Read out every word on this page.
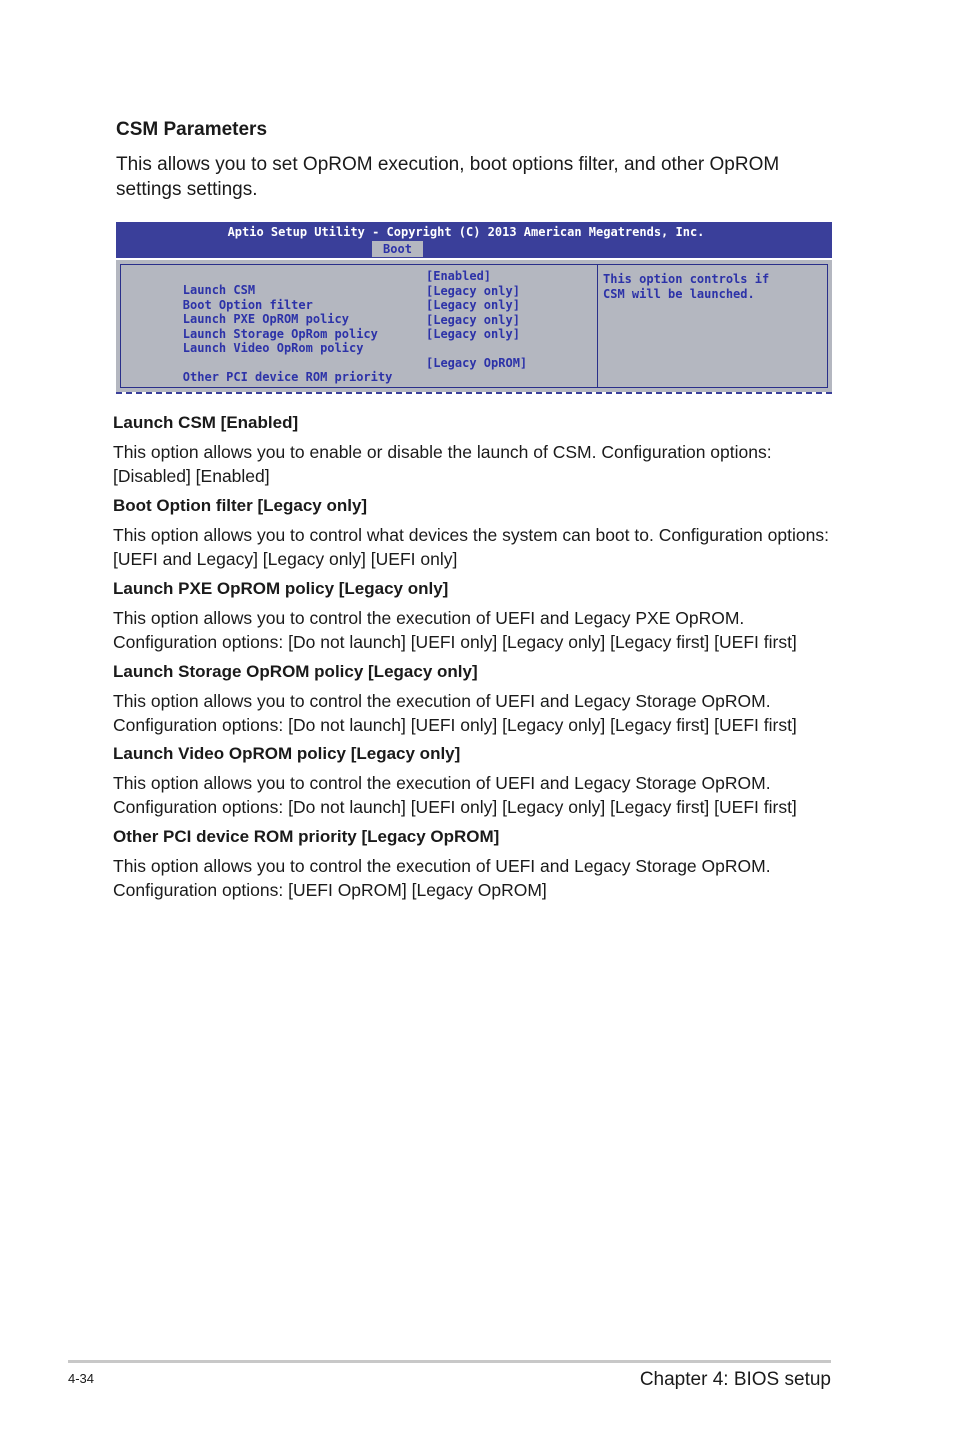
CSM Parameters
This allows you to set OpROM execution, boot options filter, and other OpROM settings settings.
Aptio Setup Utility - Copyright (C) 2013 American Megatrends, Inc.
Boot

Launch CSM

[Enabled]

Boot Option filter

[Legacy only]

Launch PXE OpROM policy

[Legacy only]

Launch Storage OpRom policy

[Legacy only]

Launch Video OpRom policy

[Legacy only]

Other PCI device ROM priority

[Legacy OpROM]
This option controls if
CSM will be launched.
Launch CSM [Enabled]
This option allows you to enable or disable the launch of CSM. Configuration options:
[Disabled] [Enabled]
Boot Option filter [Legacy only]
This option allows you to control what devices the system can boot to. Configuration options:
[UEFI and Legacy] [Legacy only] [UEFI only]
Launch PXE OpROM policy [Legacy only]
This option allows you to control the execution of UEFI and Legacy PXE OpROM.
Configuration options: [Do not launch] [UEFI only] [Legacy only] [Legacy first] [UEFI first]
Launch Storage OpROM policy [Legacy only]
This option allows you to control the execution of UEFI and Legacy Storage OpROM.
Configuration options: [Do not launch] [UEFI only] [Legacy only] [Legacy first] [UEFI first]
Launch Video OpROM policy [Legacy only]
This option allows you to control the execution of UEFI and Legacy Storage OpROM.
Configuration options: [Do not launch] [UEFI only] [Legacy only] [Legacy first] [UEFI first]
Other PCI device ROM priority [Legacy OpROM]
This option allows you to control the execution of UEFI and Legacy Storage OpROM.
Configuration options: [UEFI OpROM] [Legacy OpROM]
4-34	Chapter 4: BIOS setup
